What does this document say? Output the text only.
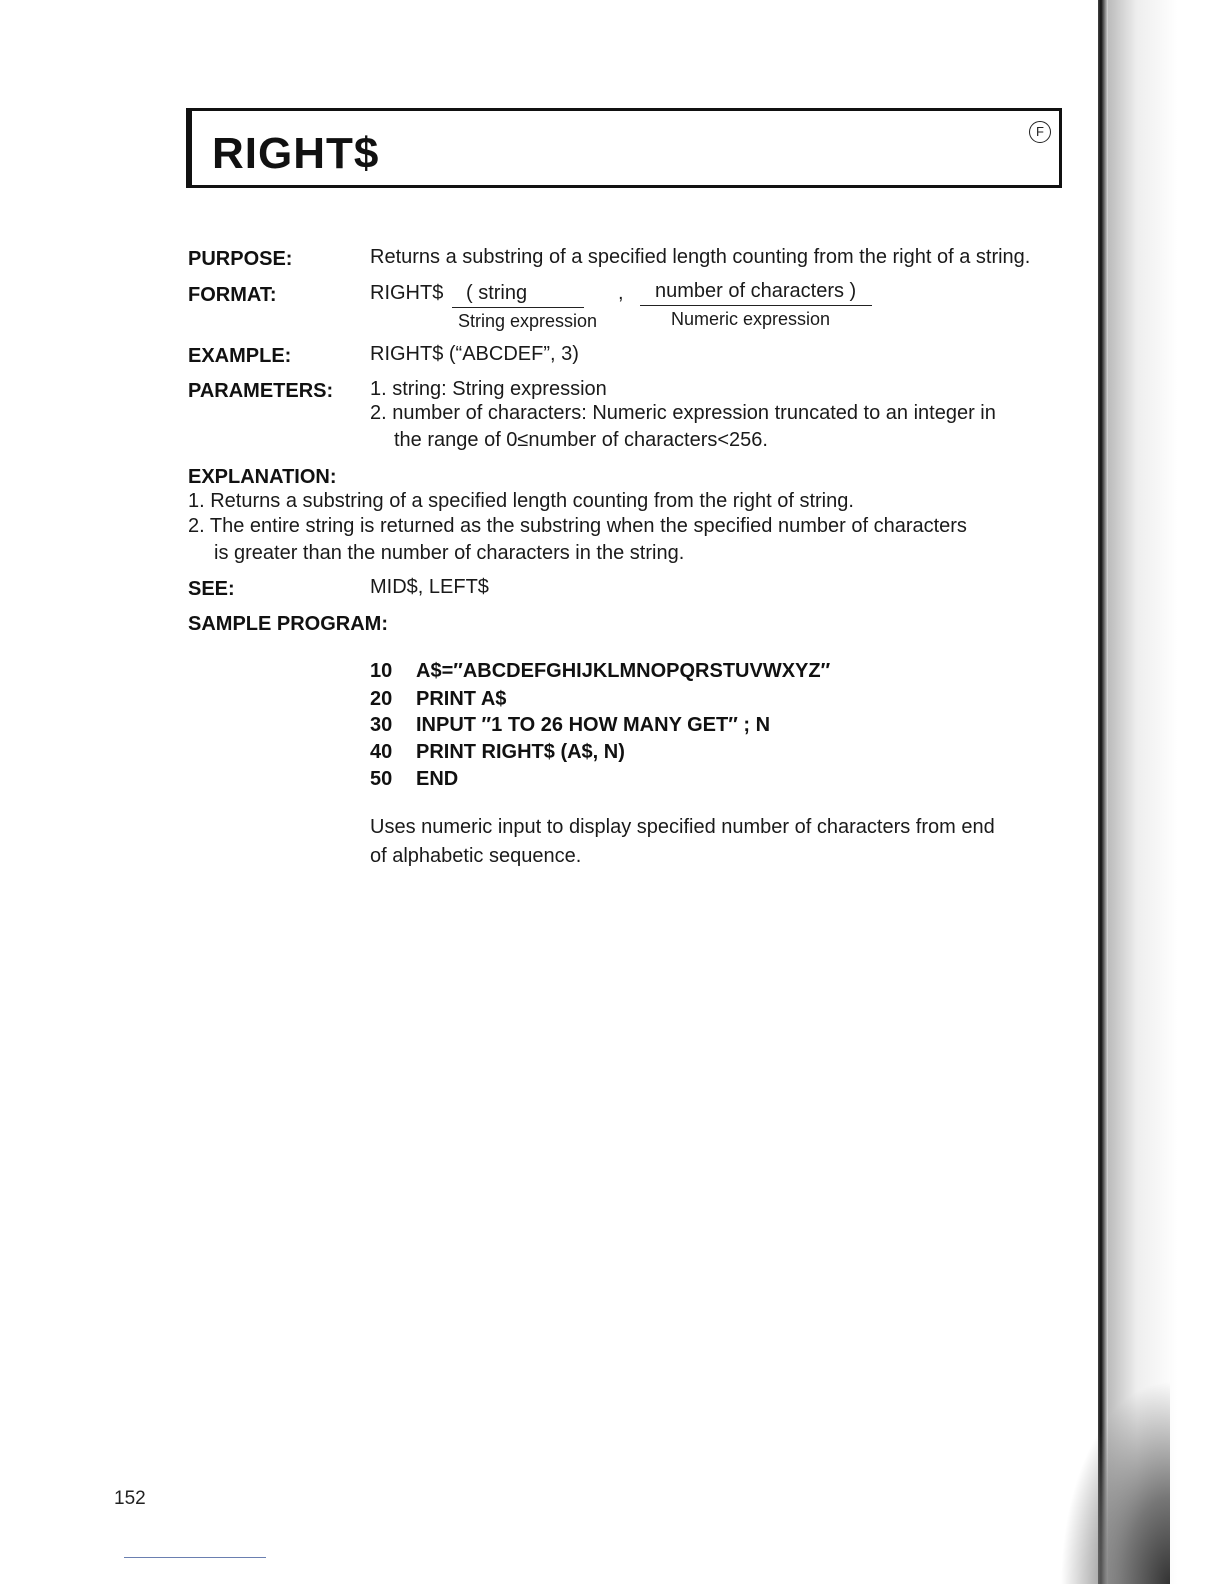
RIGHT$	F
PURPOSE:	Returns a substring of a specified length counting from the right of a string.
FORMAT:	RIGHT$ ( string	, number of characters )
String expression	Numeric expression
EXAMPLE:	RIGHT$ (“ABCDEF”, 3)
PARAMETERS: 1. string: String expression
2. number of characters: Numeric expression truncated to an integer in
the range of 0≤number of characters<256.
EXPLANATION:
1. Returns a substring of a specified length counting from the right of string.
2. The entire string is returned as the substring when the specified number of characters
is greater than the number of characters in the string.
SEE:	MID$, LEFT$
SAMPLE PROGRAM:
10 A$=″ABCDEFGHIJKLMNOPQRSTUVWXYZ″
20 PRINT A$
30 INPUT ″1 TO 26 HOW MANY GET″ ; N
40 PRINT RIGHT$ (A$, N)
50 END
Uses numeric input to display specified number of characters from end
of alphabetic sequence.
152
